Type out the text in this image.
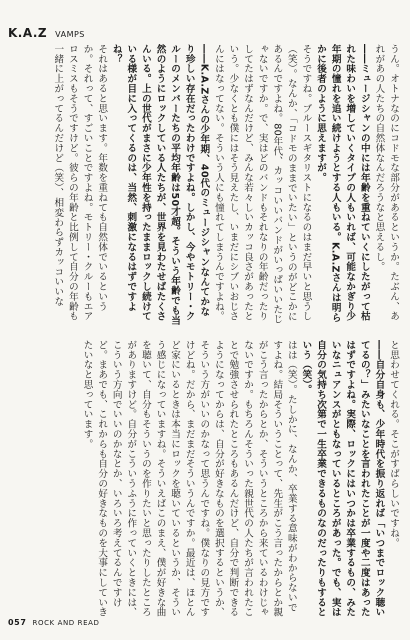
K.A.Z VAMPS

うん。オトナなのにコドモな部分があるというか。たぶん、あれがあの人たちの自然体なんだろうなと思えるし。

――ミュージシャンの中には年齢を重ねていくにしたがって枯れた味わいを増していくタイプの人もいれば、可能なかぎり少年期の憧れを追い続けようとする人もいる。K.A.Zさんは明らかに後者のように思えますが。

そうですね。ブルースギタリストになるのはまだ早いと思うし（笑）。なんか、「コドモのままでいたい」というのがどこかにあるんですよね。80年代、カッコいいバンドがいっぱいいたじゃないですか。で、実はどのバンドもそれなりの年齢だったりしてたはずなんだけど、みんな若々しいカッコ良さがあったという。少なくとも僕にはそう見えたし、いまだにシブいおじさんにはなってない。そういう人にも憧れてしまうんですよね。

――K.A.Zさんの少年期、40代のミュージシャンなんてかなり珍しい存在だったわけですよね。しかし、今やモトリー・クルーのメンバーたちの平均年齢は50才超。そういう年齢でも当然のようにロックしている人たちが、世界を見わたせばたくさんいる。上の世代がまさに少年性を持ったままロックし続けている様が目に入ってくるのは、当然、刺激になるはずですよね？

それはあると思います。年数を重ねても自然体でいるというか。それって、すごいことですよね。モトリー・クルーもエアロスミスもそうですけど。彼らの年齢と比例して自分の年齢も一緒に上がってるんだけど（笑）、相変わらずカッコいいな

と思わせてくれる。そこがすばらしいですね。

――自分自身も、少年時代を振り返れば「いつまでロック聴いてるの？」みたいなことを言われたことが一度や二度はあったはずですよね。実際、ロックにはいつかは卒業するもの、みたいなニュアンスがともなっているところがあった。でも、実は自分の気持ち次第で一生卒業できるものなのだったりもするという（笑）。

はは（笑）。たしかに、なんか、卒業する意味がわからないですよね。結局そういうことって、先生がこう言ったからとか親がこう言ったからとか、そういうところから来ているわけじゃないですか。もちろんそういった親世代の人たちが言われたことで勉強させられたところもあるんだけど、自分で判断できるようになってからは、自分が好きなものを選択するというか、そういう方がいいのかなって思うんですね。僕なりの見方ですけどね。だから、まだまだそういうんですか。最近は、ほとんど家にいるときは本当にロックを聴いているというか、そういう感じになっていますね。そういえばこのまえ、僕が好きな曲を聴いて、自分もそういうのを作りたいと思ったりしたところがありますけど。自分がこういうふうに作っていくときには、こういう方向でいいのかなとか、いろいろ考えてるんですけど。まあでも、これからも自分の好きなものを大事にしていきたいなと思っています。

057 ROCK AND READ
